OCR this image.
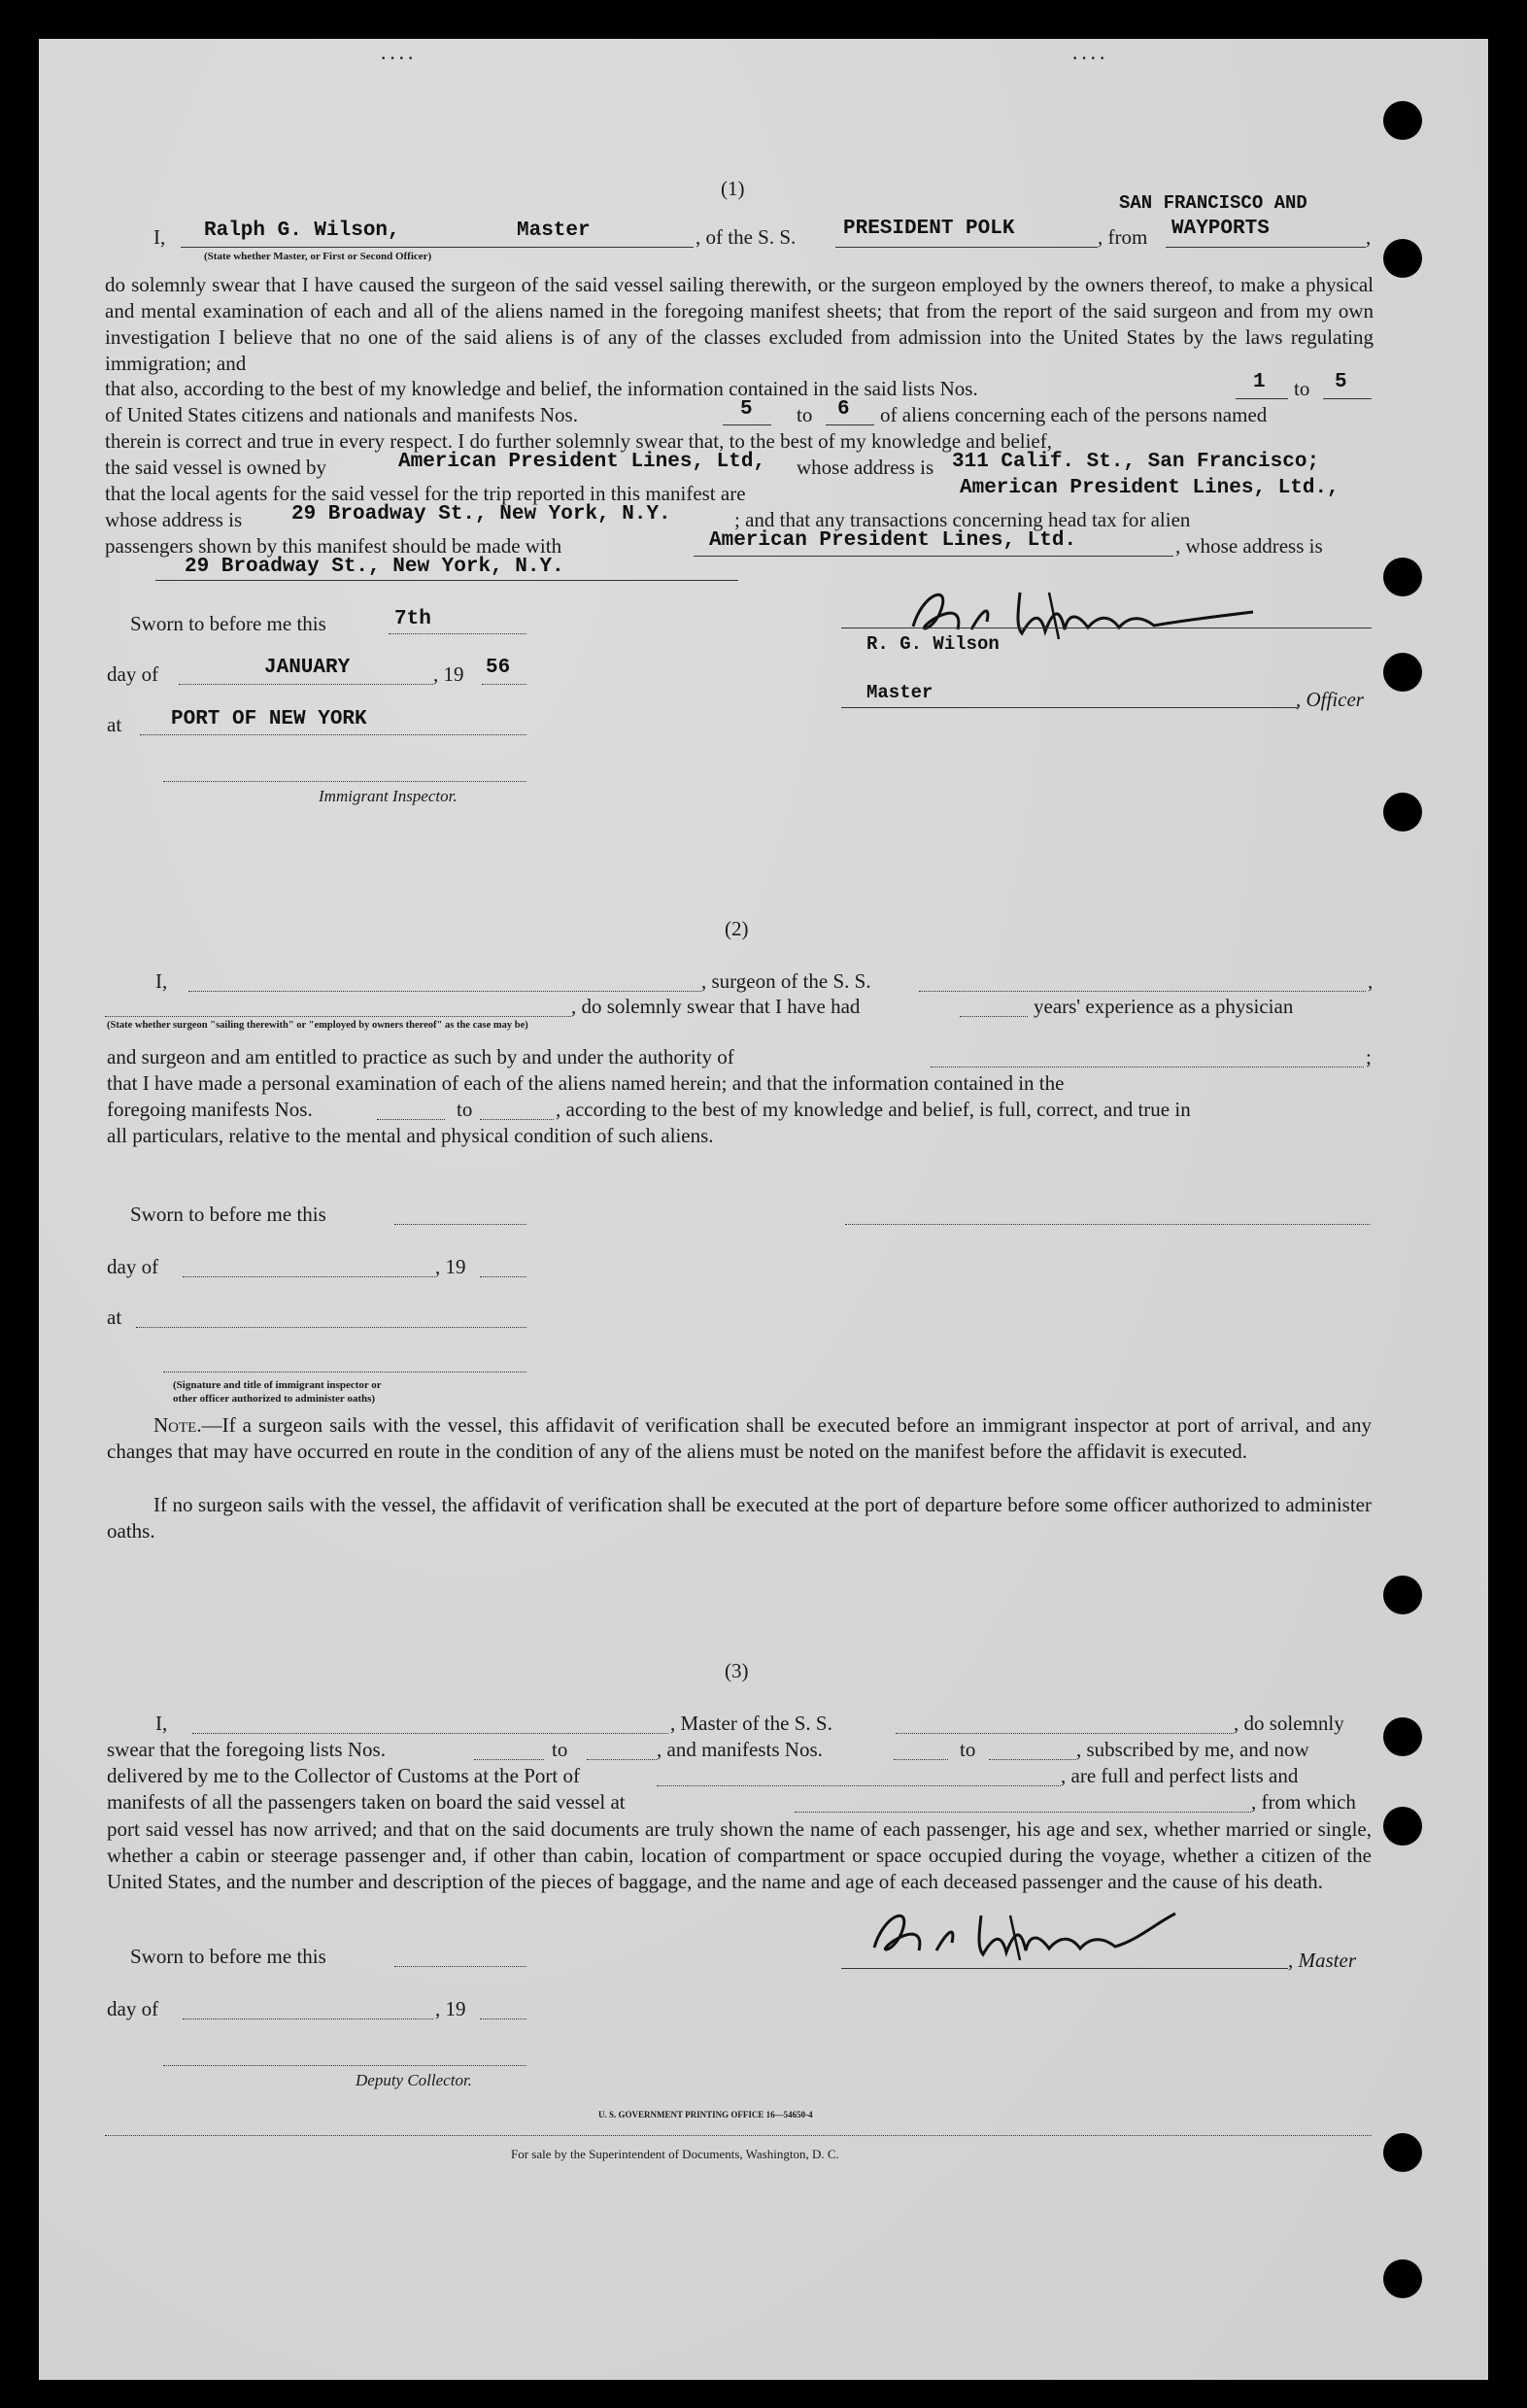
· · · ·	· · · ·
(1)
SAN FRANCISCO AND
I, Ralph G. Wilson,	Master	, of the S. S. PRESIDENT POLK	, from WAYPORTS	,
(State whether Master, or First or Second Officer)
do solemnly swear that I have caused the surgeon of the said vessel sailing therewith, or the surgeon employed by the owners thereof, to make a physical and mental examination of each and all of the aliens named in the foregoing manifest sheets; that from the report of the said surgeon and from my own investigation I believe that no one of the said aliens is of any of the classes excluded from admission into the United States by the laws regulating immigration; and
that also, according to the best of my knowledge and belief, the information contained in the said lists Nos.	1 to 5
of United States citizens and nationals and manifests Nos.	5 to 6 of aliens concerning each of the persons named
therein is correct and true in every respect. I do further solemnly swear that, to the best of my knowledge and belief,
the said vessel is owned by	American President Lines, Ltd, whose address is 311 Calif. St., San Francisco;
that the local agents for the said vessel for the trip reported in this manifest are	American President Lines, Ltd.,
whose address is 29 Broadway St., New York, N.Y.	; and that any transactions concerning head tax for alien
passengers shown by this manifest should be made with	American President Lines, Ltd.	, whose address is
29 Broadway St., New York, N.Y.
Sworn to before me this	7th
day of	JANUARY	, 19 56
at PORT OF NEW YORK
Immigrant Inspector.
R. G. Wilson
Master	, Officer
(2)
I,	, surgeon of the S. S.	,
, do solemnly swear that I have had	years' experience as a physician
(State whether surgeon "sailing therewith" or "employed by owners thereof" as the case may be)
and surgeon and am entitled to practice as such by and under the authority of	;
that I have made a personal examination of each of the aliens named herein; and that the information contained in the
foregoing manifests Nos.	to	, according to the best of my knowledge and belief, is full, correct, and true in
all particulars, relative to the mental and physical condition of such aliens.
Sworn to before me this
day of	, 19
at
(Signature and title of immigrant inspector or
other officer authorized to administer oaths)
Note.—If a surgeon sails with the vessel, this affidavit of verification shall be executed before an immigrant inspector at port of arrival, and any changes that may have occurred en route in the condition of any of the aliens must be noted on the manifest before the affidavit is executed.
If no surgeon sails with the vessel, the affidavit of verification shall be executed at the port of departure before some officer authorized to administer oaths.
(3)
I,	, Master of the S. S.	, do solemnly
swear that the foregoing lists Nos.	to	, and manifests Nos.	to	, subscribed by me, and now
delivered by me to the Collector of Customs at the Port of	, are full and perfect lists and
manifests of all the passengers taken on board the said vessel at	, from which
port said vessel has now arrived; and that on the said documents are truly shown the name of each passenger, his age and sex, whether married or single, whether a cabin or steerage passenger and, if other than cabin, location of compartment or space occupied during the voyage, whether a citizen of the United States, and the number and description of the pieces of baggage, and the name and age of each deceased passenger and the cause of his death.
, Master
Sworn to before me this
day of	, 19
Deputy Collector.
U. S. GOVERNMENT PRINTING OFFICE 16—54650-4
For sale by the Superintendent of Documents, Washington, D. C.
